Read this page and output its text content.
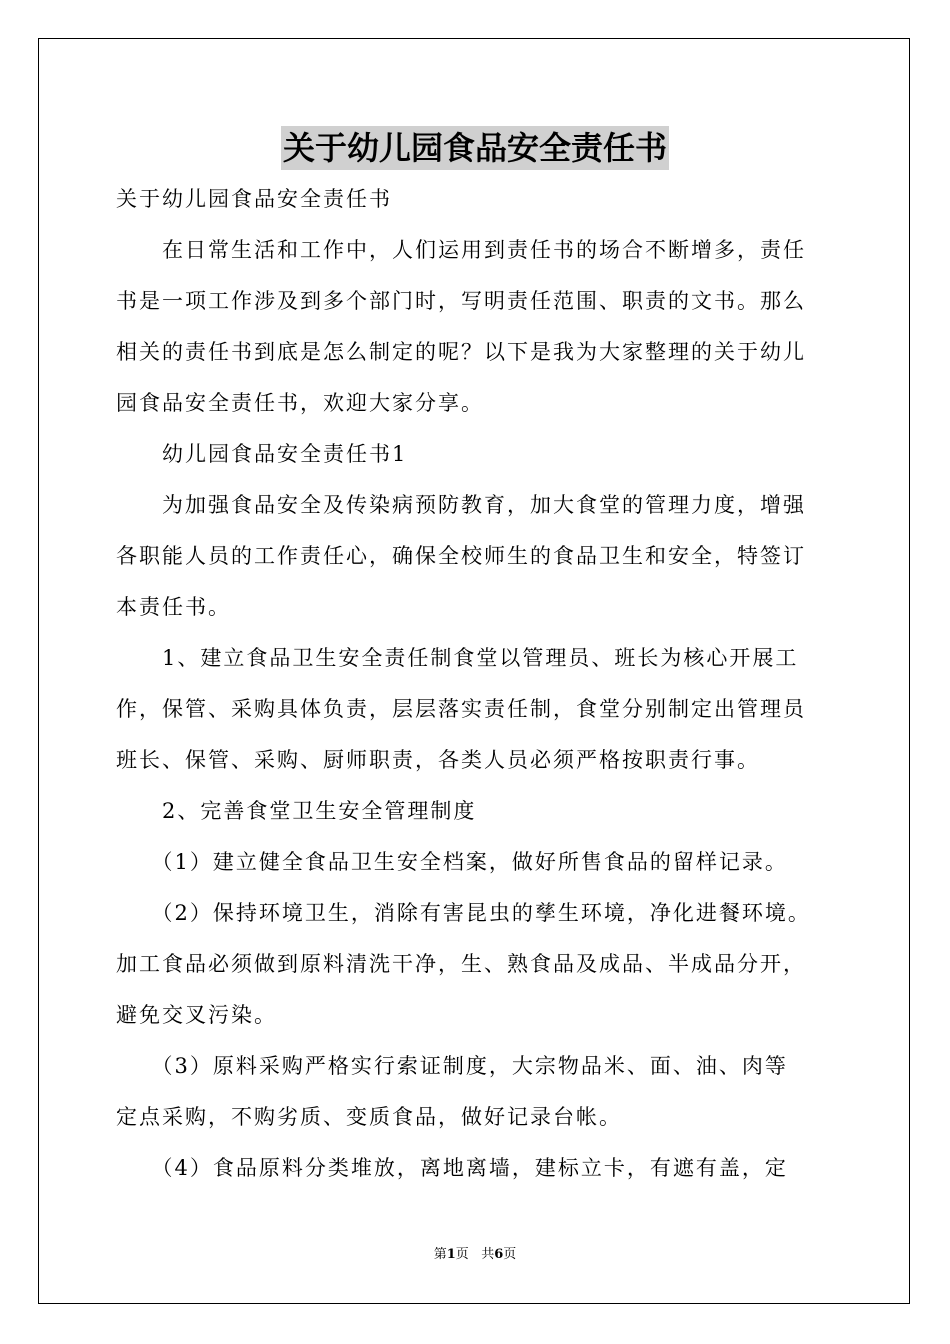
关于幼儿园食品安全责任书
关于幼儿园食品安全责任书
　　在日常生活和工作中，人们运用到责任书的场合不断增多，责任
书是一项工作涉及到多个部门时，写明责任范围、职责的文书。那么
相关的责任书到底是怎么制定的呢？以下是我为大家整理的关于幼儿
园食品安全责任书，欢迎大家分享。
　　幼儿园食品安全责任书1
　　为加强食品安全及传染病预防教育，加大食堂的管理力度，增强
各职能人员的工作责任心，确保全校师生的食品卫生和安全，特签订
本责任书。
　　1、建立食品卫生安全责任制食堂以管理员、班长为核心开展工
作，保管、采购具体负责，层层落实责任制，食堂分别制定出管理员
班长、保管、采购、厨师职责，各类人员必须严格按职责行事。
　　2、完善食堂卫生安全管理制度
　　（1）建立健全食品卫生安全档案，做好所售食品的留样记录。
　　（2）保持环境卫生，消除有害昆虫的孳生环境，净化进餐环境。
加工食品必须做到原料清洗干净，生、熟食品及成品、半成品分开，
避免交叉污染。
　　（3）原料采购严格实行索证制度，大宗物品米、面、油、肉等
定点采购，不购劣质、变质食品，做好记录台帐。
　　（4）食品原料分类堆放，离地离墙，建标立卡，有遮有盖，定
第1页 共6页
